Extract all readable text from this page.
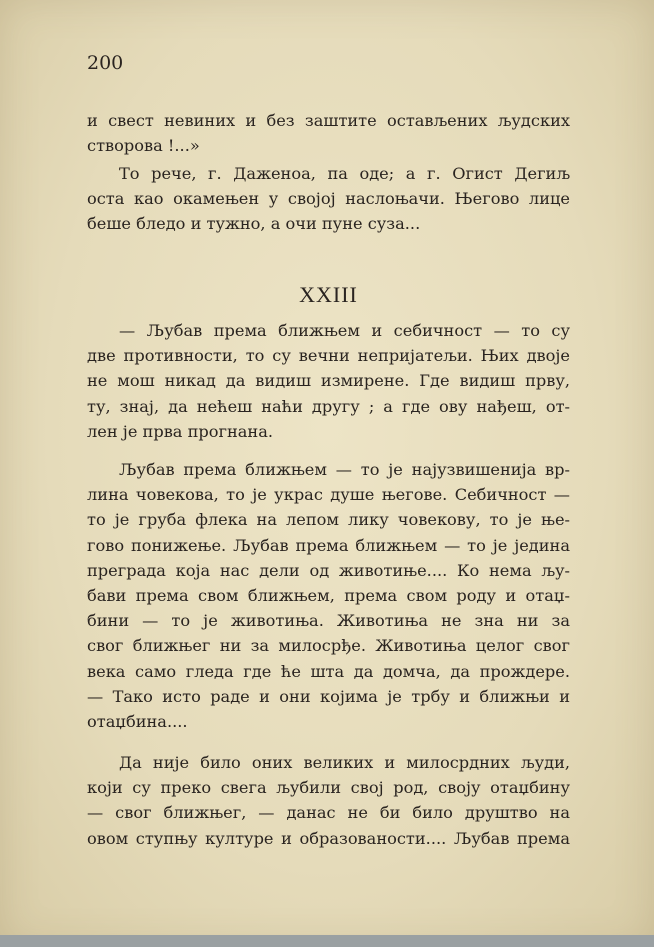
200
и свест невиних и без заштите остављених људских
створова !...»
То рече, г. Даженоа, па оде; а г. Огист Дегиљ
оста као окамењен у својој наслоњачи. Његово лице
беше бледо и тужно, а очи пуне суза...
XXIII
— Љубав према ближњем и себичност — то су
две противности, то су вечни непријатељи. Њих двоје
не мош никад да видиш измирене. Где видиш прву,
ту, знај, да нећеш наћи другу ; а где ову нађеш, от-
лен је прва прогнана.
Љубав према ближњем — то је најузвишенија вр-
лина човекова, то је украс душе његове. Себичност —
то је груба флека на лепом лику човекову, то је ње-
гово понижење. Љубав према ближњем — то је једина
преграда која нас дели од животиње.... Ко нема љу-
бави према свом ближњем, према свом роду и отаџ-
бини — то је животиња. Животиња не зна ни за
свог ближњег ни за милосрђе. Животиња целог свог
века само гледа где ће шта да домча, да прождере.
— Тако исто раде и они којима је трбу и ближњи и
отаџбина....
Да није било оних великих и милосрдних људи,
који су преко свега љубили свој род, своју отаџбину
— свог ближњег, — данас не би било друштво на
овом ступњу културе и образованости.... Љубав према
